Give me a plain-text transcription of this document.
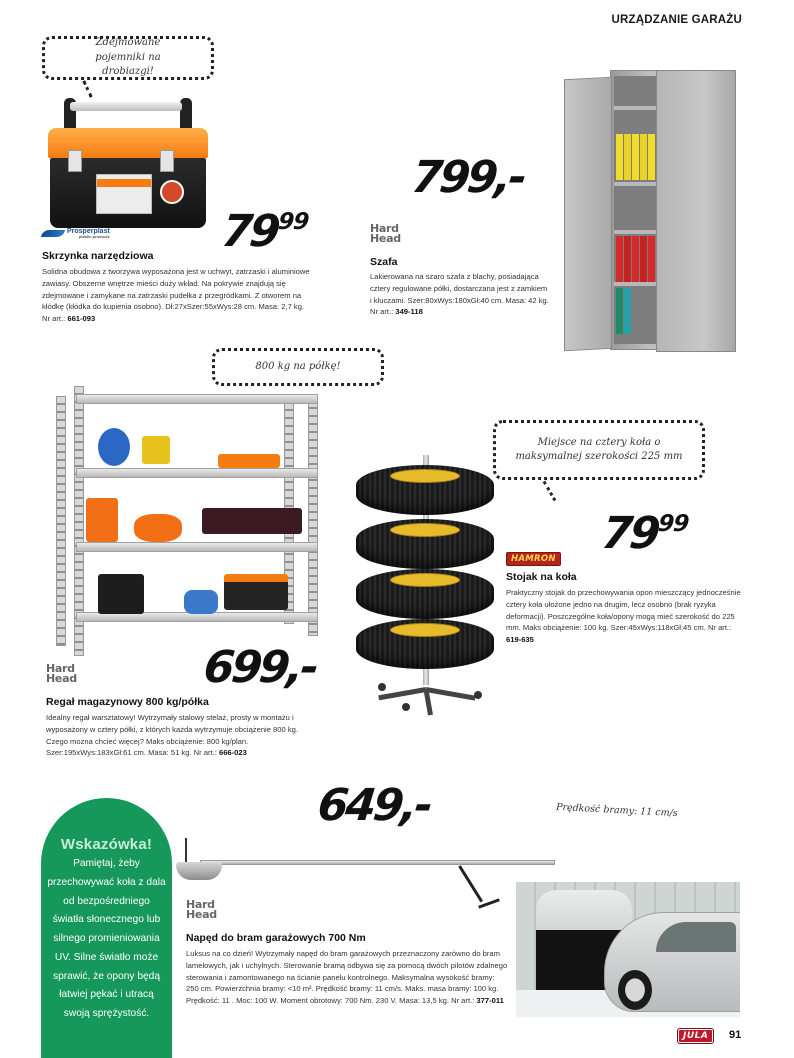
URZĄDZANIE GARAŻU
Zdejmowane pojemniki na drobiazgi!
Prosperplast
plastic products $79^{99}$
Skrzynka narzędziowa
Solidna obudowa z tworzywa wyposażona jest w uchwyt, zatrzaski i aluminiowe zawiasy. Obszerne wnętrze mieści duży wkład. Na pokrywie znajdują się zdejmowane i zamykane na zatrzaski pudełka z przegródkami. Z otworem na kłódkę (kłódka do kupienia osobno). Dł:27xSzer:55xWys:28 cm. Masa: 2,7 kg. Nr art.: 661-093
799,-
Hard
Head
Szafa
Lakierowana na szaro szafa z blachy, posiadająca cztery regulowane półki, dostarczana jest z zamkiem i kluczami. Szer:80xWys:180xGł:40 cm. Masa: 42 kg. Nr art.: 349-118
800 kg na półkę!
699,-
Hard
Head
Regał magazynowy 800 kg/półka
Idealny regał warsztatowy! Wytrzymały stalowy stelaż, prosty w montażu i wyposażony w cztery półki, z których każda wytrzymuje obciążenie 800 kg. Czego można chcieć więcej? Maks obciążenie: 800 kg/plan. Szer:195xWys:183xGł:61 cm. Masa: 51 kg. Nr art.: 666-023
Miejsce na cztery koła o maksymalnej szerokości 225 mm
$79^{99}$
HAMRON
Stojak na koła
Praktyczny stojak do przechowywania opon mieszczący jednocześnie cztery koła ułożone jedno na drugim, lecz osobno (brak ryzyka deformacji). Poszczególne koła/opony mogą mieć szerokość do 225 mm. Maks obciążenie: 100 kg. Szer:45xWys:118xGł:45 cm. Nr art.: 619-635
Wskazówka!
Pamiętaj, żeby przechowywać koła z dala od bezpośredniego światła słonecznego lub silnego promieniowania UV. Silne światło może sprawić, że opony będą łatwiej pękać i utracą swoją sprężystość.
649,-	Prędkość bramy: 11 cm/s
Hard
Head
Napęd do bram garażowych 700 Nm
Luksus na co dzień! Wytrzymały napęd do bram garażowych przeznaczony zarówno do bram lamelowych, jak i uchylnych. Sterowanie bramą odbywa się za pomocą dwóch pilotów zdalnego sterowania i zamontowanego na ścianie panelu kontrolnego. Maksymalna wysokość bramy: 250 cm. Powierzchnia bramy: <10 m². Prędkość bramy: 11 cm/s. Maks. masa bramy: 100 kg. Prędkość: 11 . Moc: 100 W. Moment obrotowy: 700 Nm. 230 V. Masa: 13,5 kg. Nr art.: 377-011
JULA	91
